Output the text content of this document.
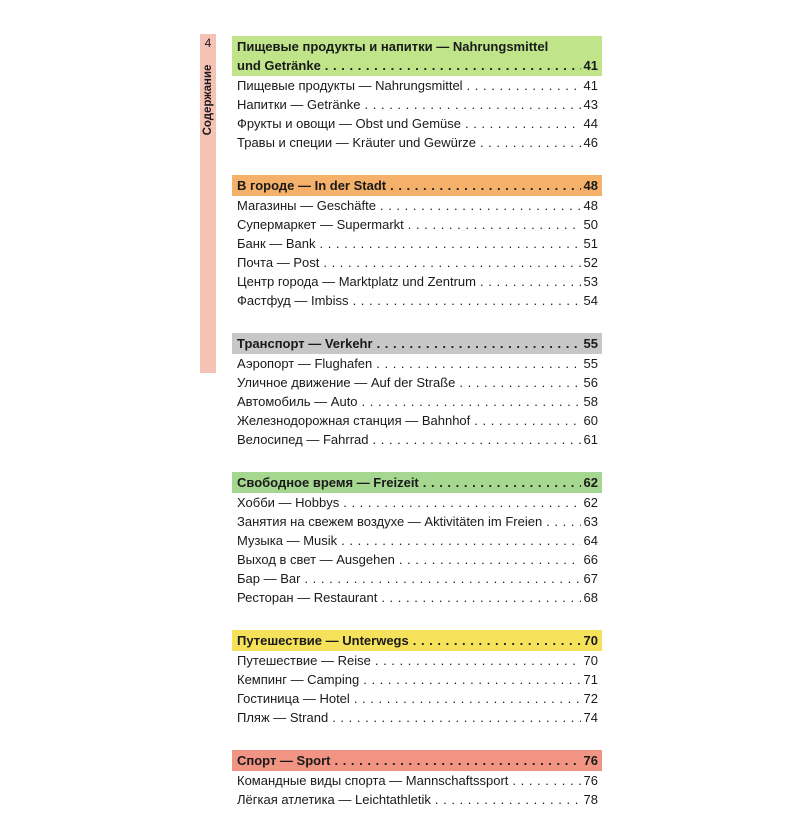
4
Содержание
Пищевые продукты и напитки — Nahrungsmittel
und Getränke . . .	41
Пищевые продукты — Nahrungsmittel . . .	41
Напитки — Getränke . . .	43
Фрукты и овощи — Obst und Gemüse . . .	44
Травы и специи — Kräuter und Gewürze . . .	46
В городе — In der Stadt . . .	48
Магазины — Geschäfte . . .	48
Супермаркет — Supermarkt . . .	50
Банк — Bank . . .	51
Почта — Post . . .	52
Центр города — Marktplatz und Zentrum . . .	53
Фастфуд — Imbiss . . .	54
Транспорт — Verkehr . . .	55
Аэропорт — Flughafen . . .	55
Уличное движение — Auf der Straße . . .	56
Автомобиль — Auto . . .	58
Железнодорожная станция — Bahnhof . . .	60
Велосипед — Fahrrad . . .	61
Свободное время — Freizeit . . .	62
Хобби — Hobbys . . .	62
Занятия на свежем воздухе — Aktivitäten im Freien . . .	63
Музыка — Musik . . .	64
Выход в свет — Ausgehen . . .	66
Бар — Bar . . .	67
Ресторан — Restaurant . . .	68
Путешествие — Unterwegs . . .	70
Путешествие — Reise . . .	70
Кемпинг — Camping . . .	71
Гостиница — Hotel . . .	72
Пляж — Strand . . .	74
Спорт — Sport . . .	76
Командные виды спорта — Mannschaftssport . . .	76
Лёгкая атлетика — Leichtathletik . . .	78
